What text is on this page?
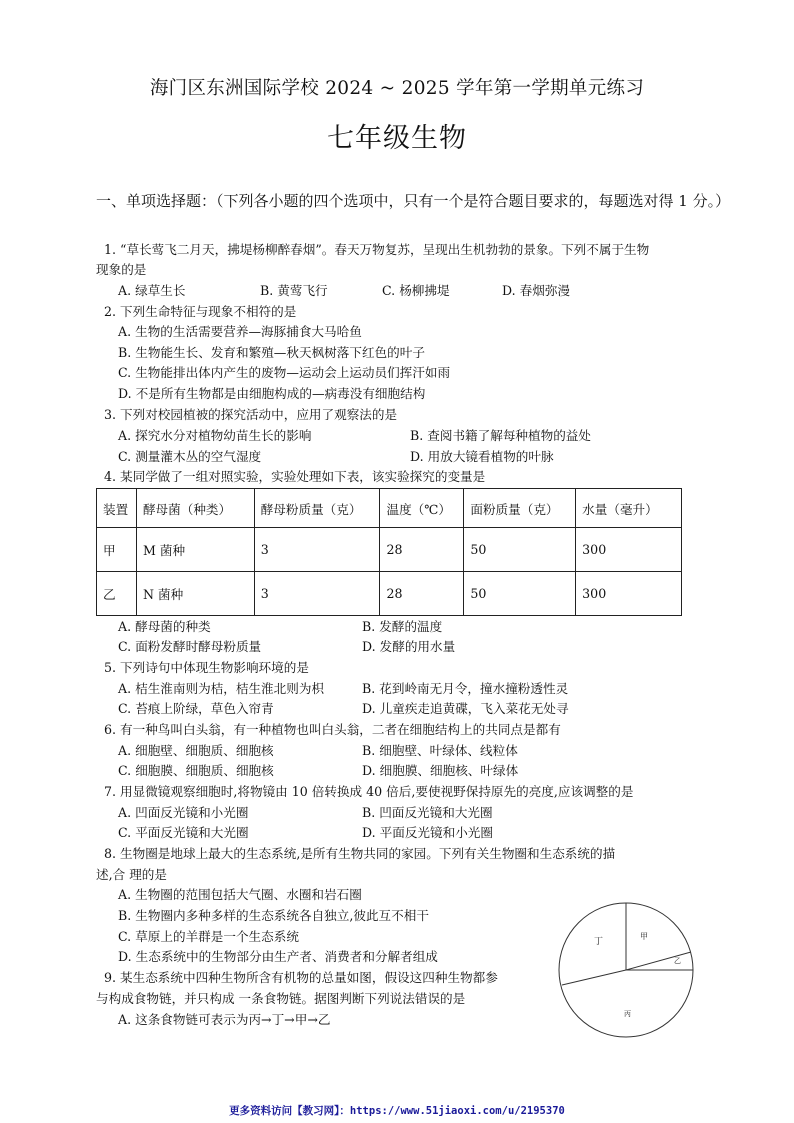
海门区东洲国际学校 2024 ~ 2025 学年第一学期单元练习
七年级生物
一、单项选择题：（下列各小题的四个选项中，只有一个是符合题目要求的，每题选对得 1 分。）
1. “草长莺飞二月天，拂堤杨柳醉春烟”。春天万物复苏，呈现出生机勃勃的景象。下列不属于生物
现象的是
A. 绿草生长	B. 黄莺飞行	C. 杨柳拂堤	D. 春烟弥漫
2. 下列生命特征与现象不相符的是
A. 生物的生活需要营养—海豚捕食大马哈鱼
B. 生物能生长、发育和繁殖—秋天枫树落下红色的叶子
C. 生物能排出体内产生的废物—运动会上运动员们挥汗如雨
D. 不是所有生物都是由细胞构成的—病毒没有细胞结构
3. 下列对校园植被的探究活动中，应用了观察法的是
A. 探究水分对植物幼苗生长的影响	B. 查阅书籍了解每种植物的益处
C. 测量灌木丛的空气湿度	D. 用放大镜看植物的叶脉
4. 某同学做了一组对照实验，实验处理如下表，该实验探究的变量是
装置	酵母菌（种类）	酵母粉质量（克）	温度（℃）	面粉质量（克）	水量（毫升）
甲	M 菌种	3	28	50	300
乙	N 菌种	3	28	50	300
A. 酵母菌的种类	B. 发酵的温度
C. 面粉发酵时酵母粉质量	D. 发酵的用水量
5. 下列诗句中体现生物影响环境的是
A. 桔生淮南则为桔，桔生淮北则为枳	B. 花到岭南无月令，撞水撞粉透性灵
C. 苔痕上阶绿，草色入帘青	D. 儿童疾走追黄碟，飞入菜花无处寻
6. 有一种鸟叫白头翁，有一种植物也叫白头翁，二者在细胞结构上的共同点是都有
A. 细胞壁、细胞质、细胞核	B. 细胞壁、叶绿体、线粒体
C. 细胞膜、细胞质、细胞核	D. 细胞膜、细胞核、叶绿体
7. 用显微镜观察细胞时,将物镜由 10 倍转换成 40 倍后,要使视野保持原先的亮度,应该调整的是
A. 凹面反光镜和小光圈	B. 凹面反光镜和大光圈
C. 平面反光镜和大光圈	D. 平面反光镜和小光圈
8. 生物圈是地球上最大的生态系统,是所有生物共同的家园。下列有关生物圈和生态系统的描
述,合 理的是
A. 生物圈的范围包括大气圈、水圈和岩石圈
B. 生物圈内多种多样的生态系统各自独立,彼此互不相干
C. 草原上的羊群是一个生态系统
D. 生态系统中的生物部分由生产者、消费者和分解者组成
9. 某生态系统中四种生物所含有机物的总量如图，假设这四种生物都参
与构成食物链，并只构成 一条食物链。据图判断下列说法错误的是
A. 这条食物链可表示为丙→丁→甲→乙
丁
甲
乙
丙
更多资料访问【教习网】：https://www.51jiaoxi.com/u/2195370
